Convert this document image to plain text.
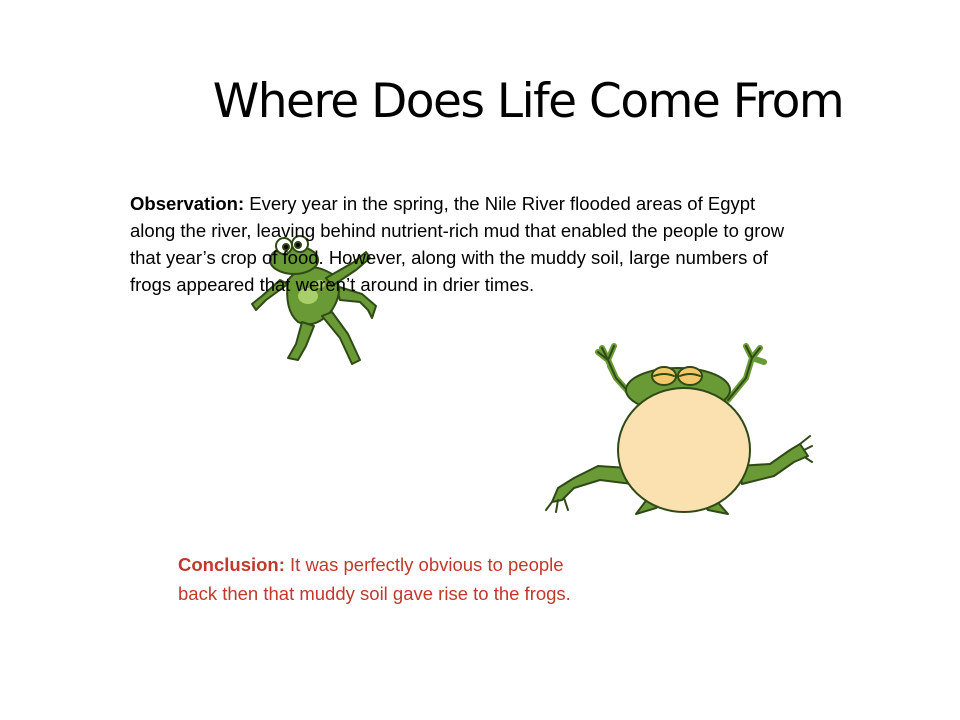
Where Does Life Come From

Observation: Every year in the spring, the Nile River flooded areas of Egypt
along the river, leaving behind nutrient-rich mud that enabled the people to grow
that year’s crop of food. However, along with the muddy soil, large numbers of
frogs appeared that weren’t around in drier times.

Conclusion: It was perfectly obvious to people
back then that muddy soil gave rise to the frogs.
